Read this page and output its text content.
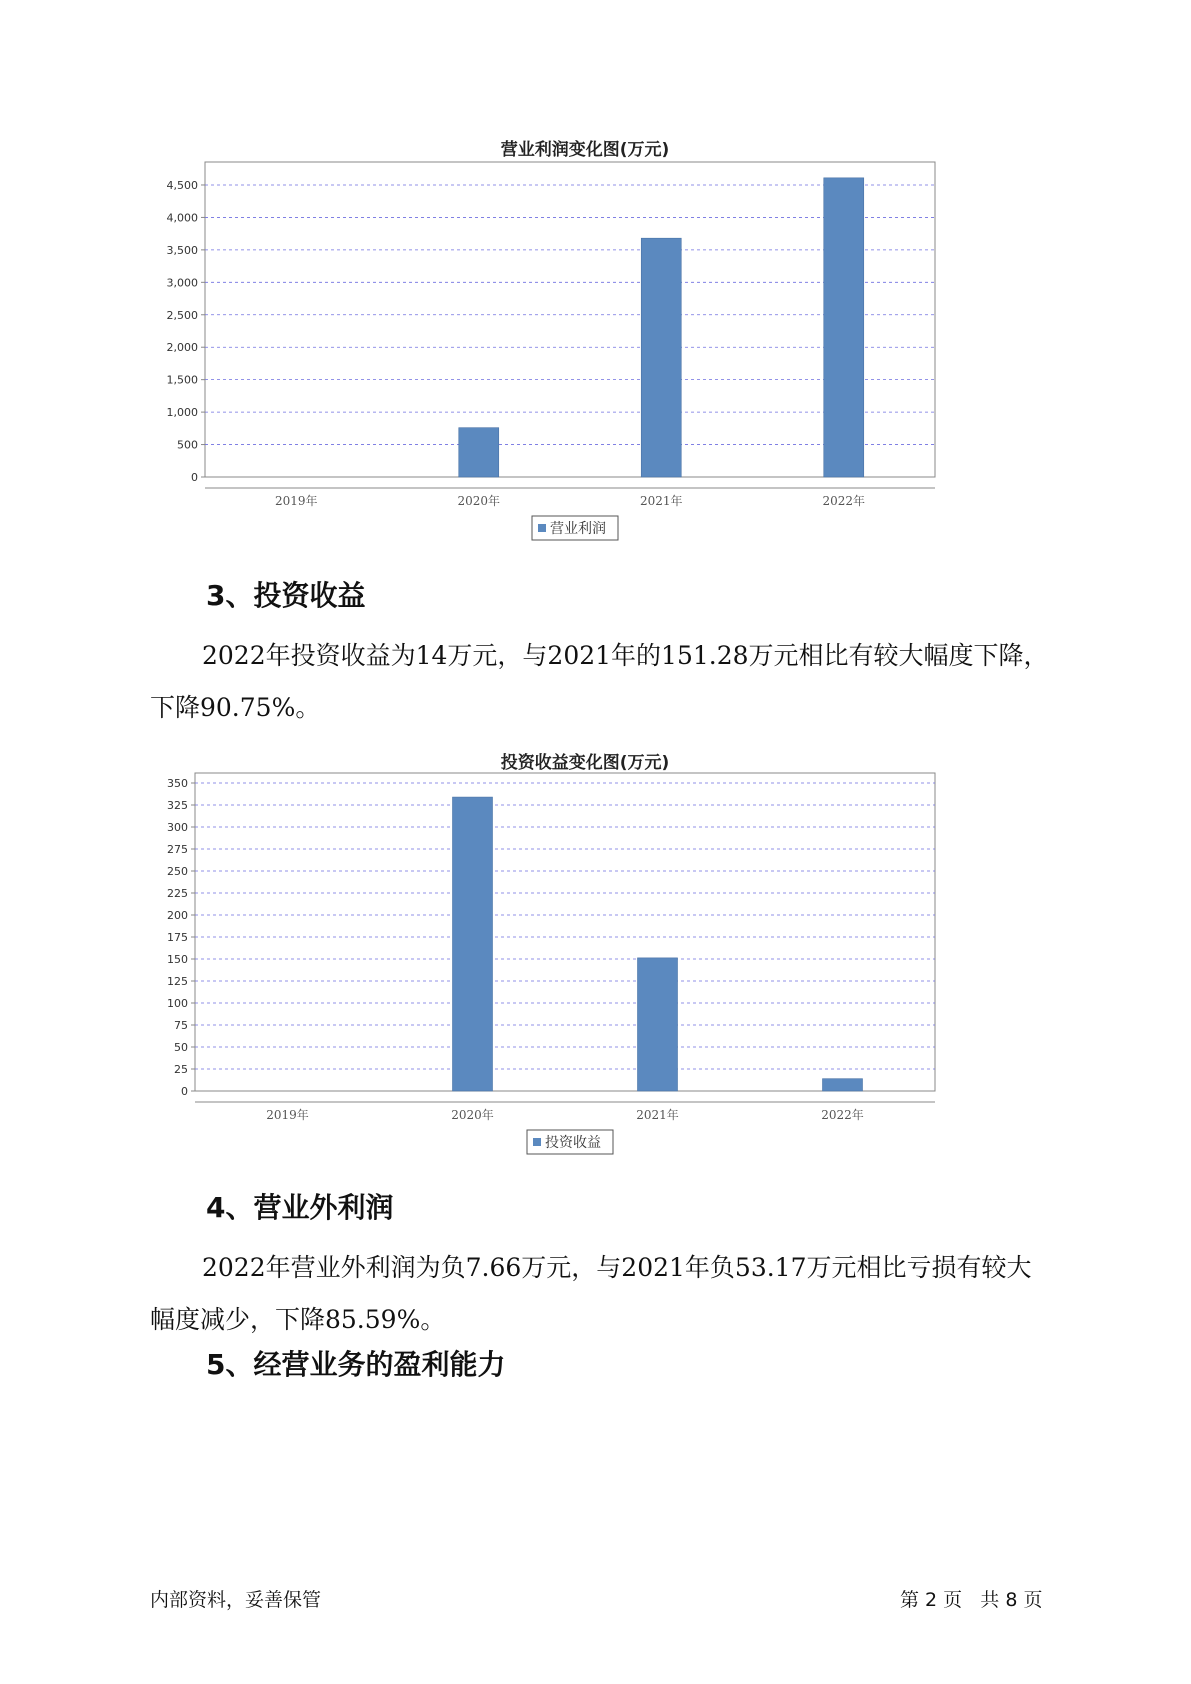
营业利润变化图(万元)
0
500
1,000
1,500
2,000
2,500
3,000
3,500
4,000
4,500
2019年	2020年	2021年	2022年
营业利润
3、投资收益

2022年投资收益为14万元，与2021年的151.28万元相比有较大幅度下降，下降90.75%。

投资收益变化图(万元)
0
25
50
75
100
125
150
175
200
225
250
275
300
325
350
2019年	2020年	2021年	2022年
投资收益
4、营业外利润

2022年营业外利润为负7.66万元，与2021年负53.17万元相比亏损有较大幅度减少，下降85.59%。

5、经营业务的盈利能力
内部资料，妥善保管	第 2 页   共 8 页
